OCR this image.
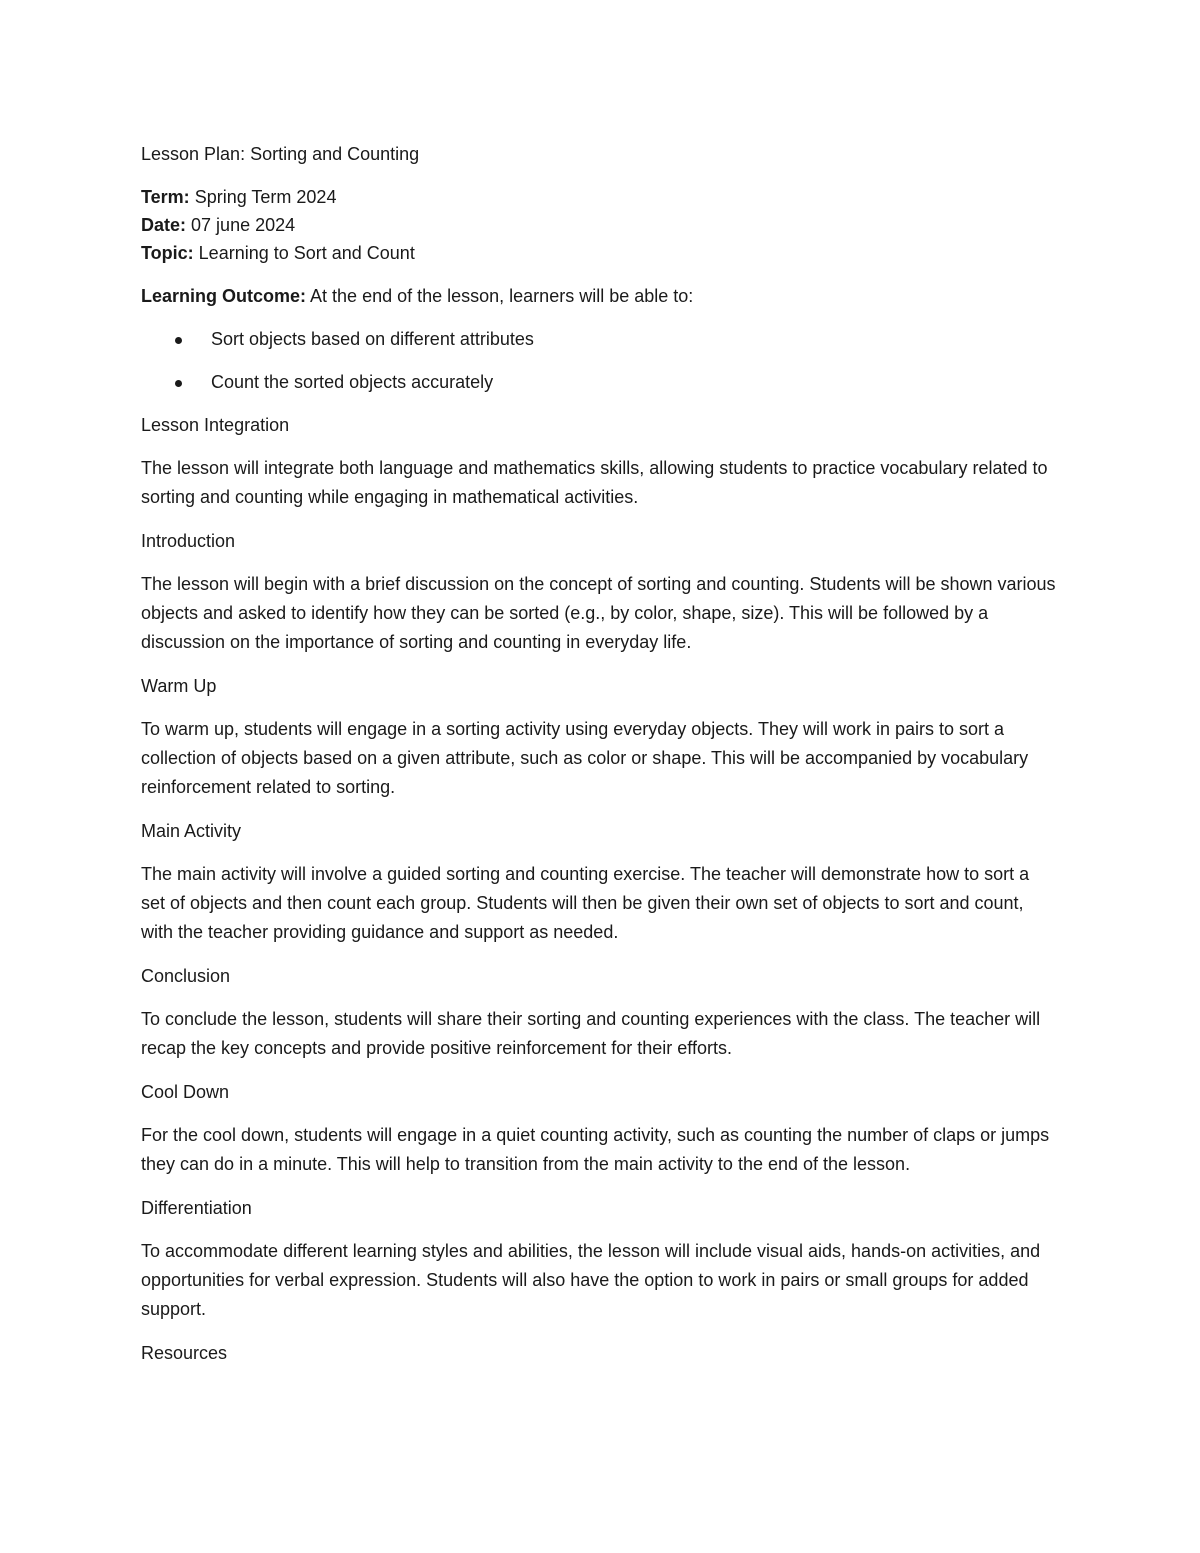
Lesson Plan: Sorting and Counting

Term: Spring Term 2024

Date: 07 june 2024

Topic: Learning to Sort and Count

Learning Outcome: At the end of the lesson, learners will be able to:

Sort objects based on different attributes
Count the sorted objects accurately

Lesson Integration

The lesson will integrate both language and mathematics skills, allowing students to practice vocabulary related to sorting and counting while engaging in mathematical activities.

Introduction

The lesson will begin with a brief discussion on the concept of sorting and counting. Students will be shown various objects and asked to identify how they can be sorted (e.g., by color, shape, size). This will be followed by a discussion on the importance of sorting and counting in everyday life.

Warm Up

To warm up, students will engage in a sorting activity using everyday objects. They will work in pairs to sort a collection of objects based on a given attribute, such as color or shape. This will be accompanied by vocabulary reinforcement related to sorting.

Main Activity

The main activity will involve a guided sorting and counting exercise. The teacher will demonstrate how to sort a set of objects and then count each group. Students will then be given their own set of objects to sort and count, with the teacher providing guidance and support as needed.

Conclusion

To conclude the lesson, students will share their sorting and counting experiences with the class. The teacher will recap the key concepts and provide positive reinforcement for their efforts.

Cool Down

For the cool down, students will engage in a quiet counting activity, such as counting the number of claps or jumps they can do in a minute. This will help to transition from the main activity to the end of the lesson.

Differentiation

To accommodate different learning styles and abilities, the lesson will include visual aids, hands-on activities, and opportunities for verbal expression. Students will also have the option to work in pairs or small groups for added support.

Resources
